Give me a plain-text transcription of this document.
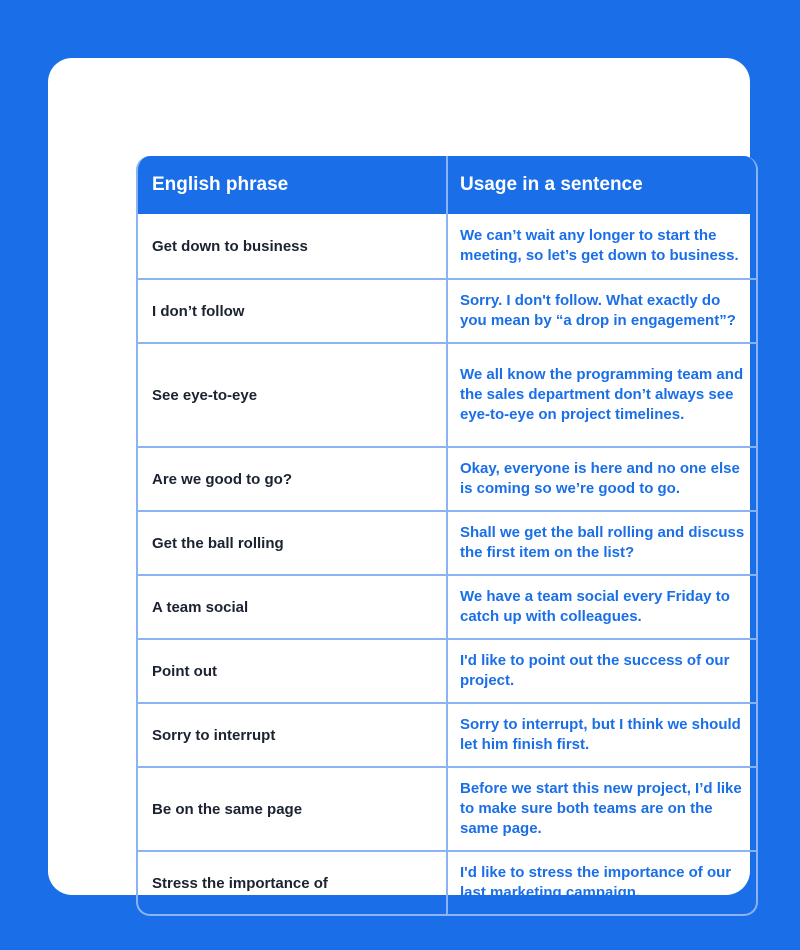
English phrase	Usage in a sentence
Get down to business
We can’t wait any longer to start the meeting, so let’s get down to business.
I don’t follow
Sorry. I don't follow. What exactly do you mean by “a drop in engagement”?
See eye-to-eye
We all know the programming team and the sales department don’t always see eye-to-eye on project timelines.
Are we good to go?
Okay, everyone is here and no one else is coming so we’re good to go.
Get the ball rolling
Shall we get the ball rolling and discuss the first item on the list?
A team social
We have a team social every Friday to catch up with colleagues.
Point out
I'd like to point out the success of our project.
Sorry to interrupt
Sorry to interrupt, but I think we should let him finish first.
Be on the same page
Before we start this new project, I’d like to make sure both teams are on the same page.
Stress the importance of
I'd like to stress the importance of our last marketing campaign.
